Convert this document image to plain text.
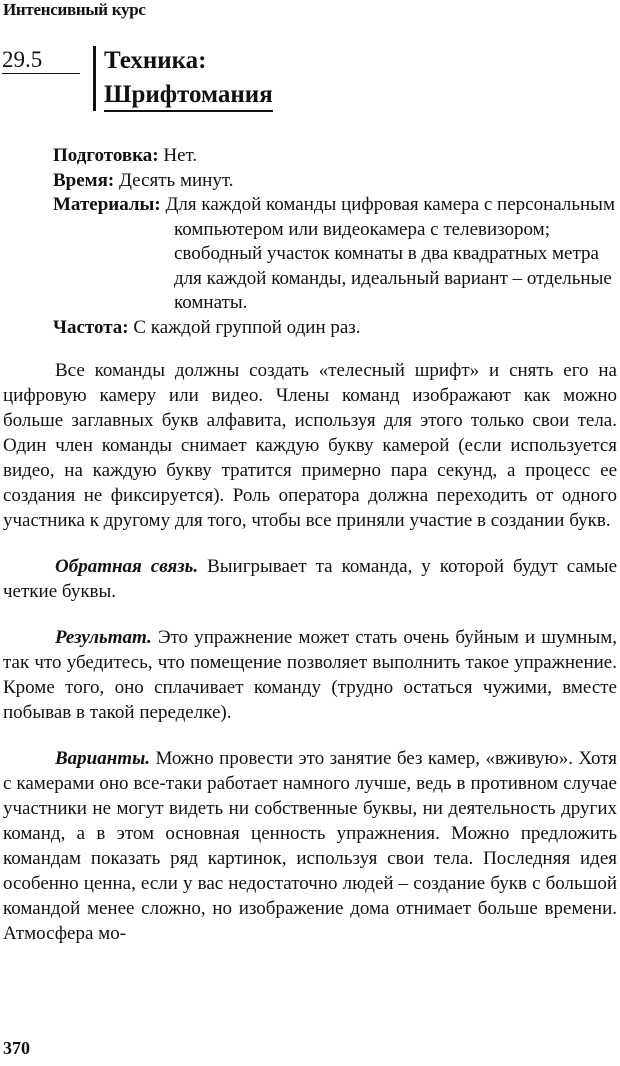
Интенсивный курс
29.5	Техника:
Шрифтомания
Подготовка: Нет.
Время: Десять минут.
Материалы: Для каждой команды цифровая камера с персональным компьютером или видеокамера с телевизором; свободный участок комнаты в два квадратных метра для каждой команды, идеальный вариант – отдельные комнаты.
Частота: С каждой группой один раз.

Все команды должны создать «телесный шрифт» и снять его на цифровую камеру или видео. Члены команд изображают как можно больше заглавных букв алфавита, используя для этого только свои тела. Один член команды снимает каждую букву камерой (если используется видео, на каждую букву тратится примерно пара секунд, а процесс ее создания не фиксируется). Роль оператора должна переходить от одного участника к другому для того, чтобы все приняли участие в создании букв.

Обратная связь. Выигрывает та команда, у которой будут самые четкие буквы.

Результат. Это упражнение может стать очень буйным и шумным, так что убедитесь, что помещение позволяет выполнить такое упражнение. Кроме того, оно сплачивает команду (трудно остаться чужими, вместе побывав в такой переделке).

Варианты. Можно провести это занятие без камер, «вживую». Хотя с камерами оно все-таки работает намного лучше, ведь в противном случае участники не могут видеть ни собственные буквы, ни деятельность других команд, а в этом основная ценность упражнения. Можно предложить командам показать ряд картинок, используя свои тела. Последняя идея особенно ценна, если у вас недостаточно людей – создание букв с большой командой менее сложно, но изображение дома отнимает больше времени. Атмосфера мо-

370
